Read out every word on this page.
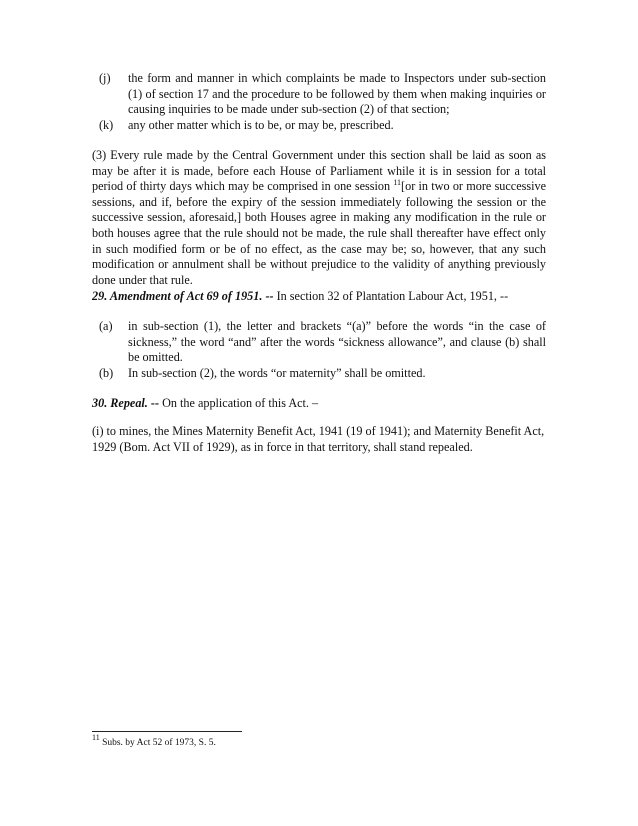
(j) the form and manner in which complaints be made to Inspectors under sub-section (1) of section 17 and the procedure to be followed by them when making inquiries or causing inquiries to be made under sub-section (2) of that section;
(k) any other matter which is to be, or may be, prescribed.
(3) Every rule made by the Central Government under this section shall be laid as soon as may be after it is made, before each House of Parliament while it is in session for a total period of thirty days which may be comprised in one session $^{11}$[or in two or more successive sessions, and if, before the expiry of the session immediately following the session or the successive session, aforesaid,] both Houses agree in making any modification in the rule or both houses agree that the rule should not be made, the rule shall thereafter have effect only in such modified form or be of no effect, as the case may be; so, however, that any such modification or annulment shall be without prejudice to the validity of anything previously done under that rule.
29. Amendment of Act 69 of 1951. -- In section 32 of Plantation Labour Act, 1951, --
(a) in sub-section (1), the letter and brackets “(a)” before the words “in the case of sickness,” the word “and” after the words “sickness allowance”, and clause (b) shall be omitted.
(b) In sub-section (2), the words “or maternity” shall be omitted.
30. Repeal. -- On the application of this Act. –
(i) to mines, the Mines Maternity Benefit Act, 1941 (19 of 1941); and Maternity Benefit Act, 1929 (Bom. Act VII of 1929), as in force in that territory, shall stand repealed.
$^{11}$ Subs. by Act 52 of 1973, S. 5.
